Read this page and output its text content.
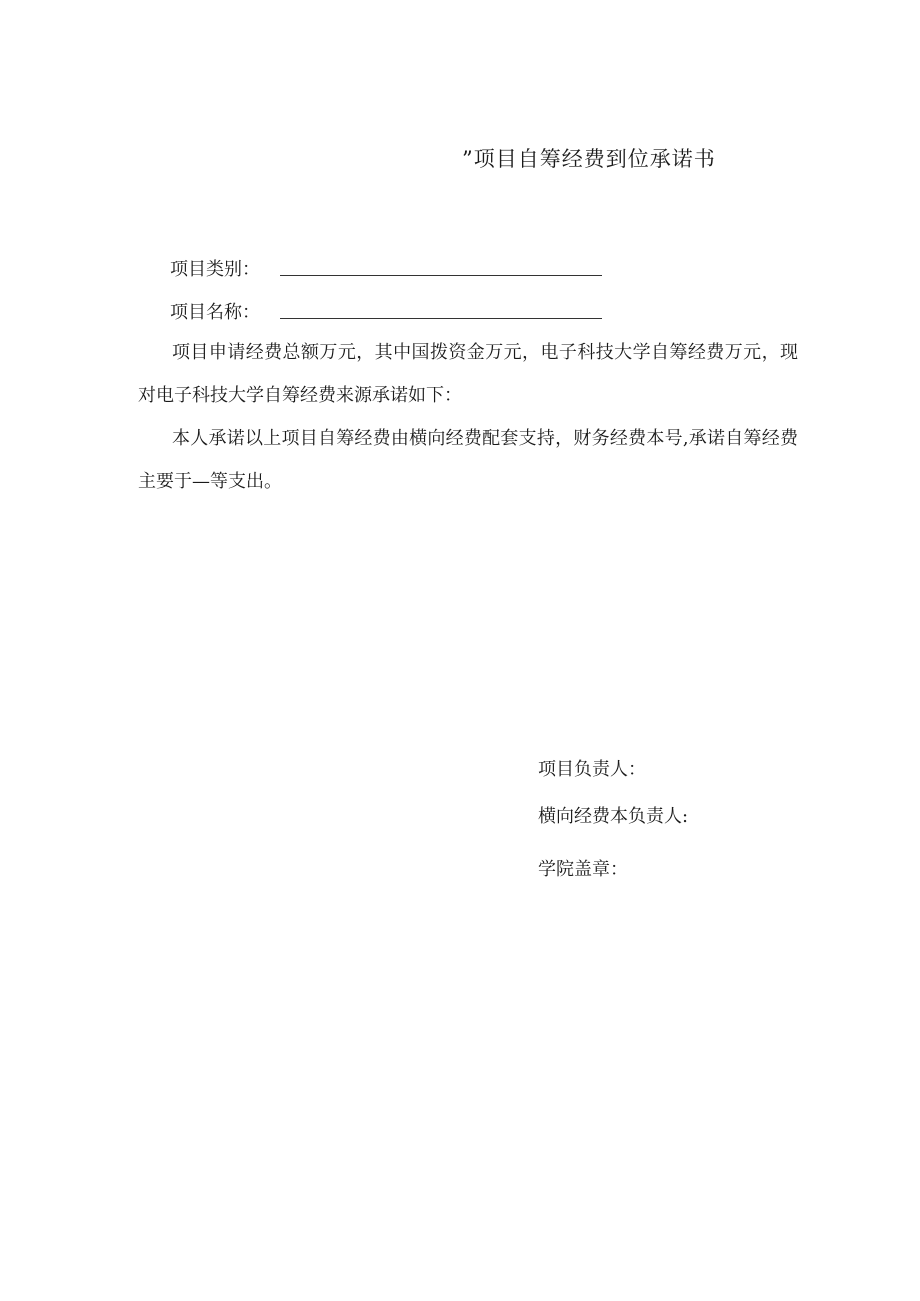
”项目自筹经费到位承诺书
项目类别：
项目名称：

项目申请经费总额万元，其中国拨资金万元，电子科技大学自筹经费万元，现对电子科技大学自筹经费来源承诺如下：

本人承诺以上项目自筹经费由横向经费配套支持，财务经费本号,承诺自筹经费主要于—等支出。

项目负责人：
横向经费本负责人:
学院盖章：
